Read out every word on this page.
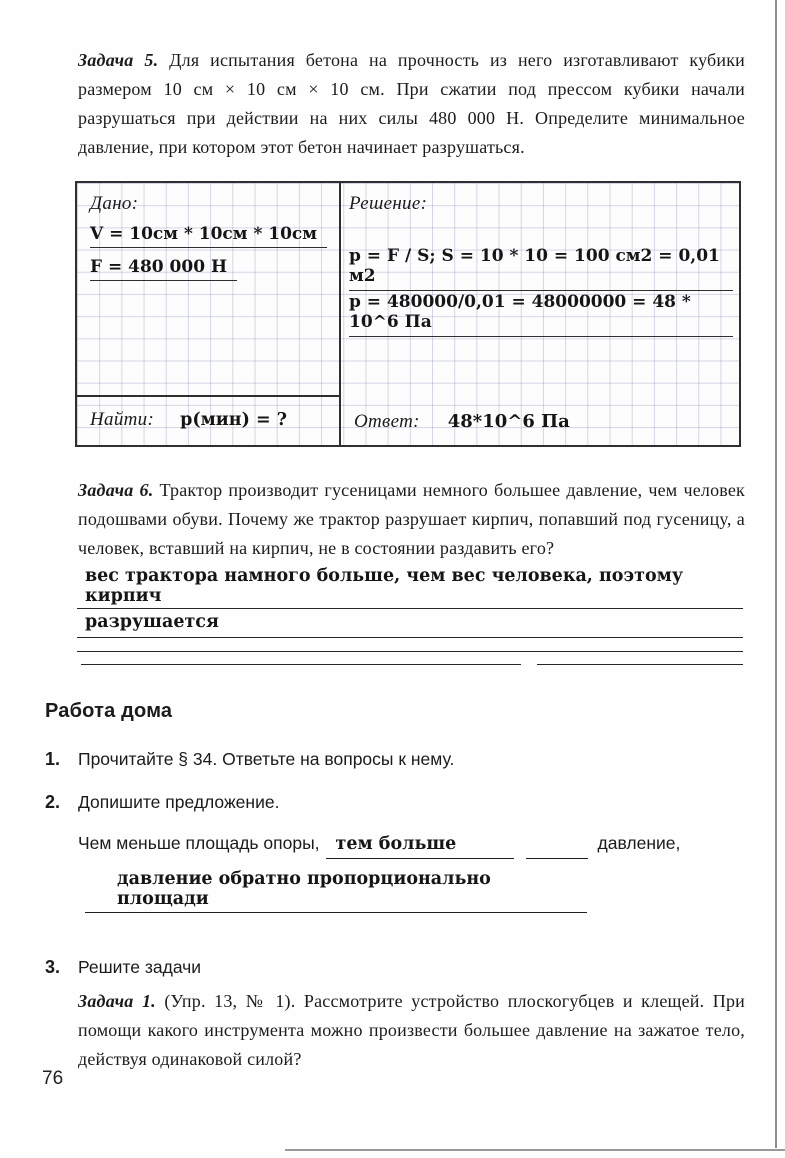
Задача 5. Для испытания бетона на прочность из него изготавливают кубики размером 10 см × 10 см × 10 см. При сжатии под прессом кубики начали разрушаться при действии на них силы 480 000 Н. Определите минимальное давление, при котором этот бетон начинает разрушаться.

Дано:
V = 10см * 10см * 10см
F = 480 000 Н
Найти: р(мин) = ?
Решение:
p = F / S; S = 10 * 10 = 100 см2 = 0,01 м2
p = 480000/0,01 = 48000000 = 48 * 10^6 Па
Ответ: 48*10^6 Па

Задача 6. Трактор производит гусеницами немного большее давление, чем человек подошвами обуви. Почему же трактор разрушает кирпич, попавший под гусеницу, а человек, вставший на кирпич, не в состоянии раздавить его?

вес трактора намного больше, чем вес человека, поэтому кирпич
разрушается
Работа дома
1.	Прочитайте § 34. Ответьте на вопросы к нему.
2.	Допишите предложение.
Чем меньше площадь опоры, тем больше	давление,
давление обратно пропорционально площади
3.	Решите задачи

Задача 1. (Упр. 13, № 1). Рассмотрите устройство плоскогубцев и клещей. При помощи какого инструмента можно произвести большее давление на зажатое тело, действуя одинаковой силой?

76
